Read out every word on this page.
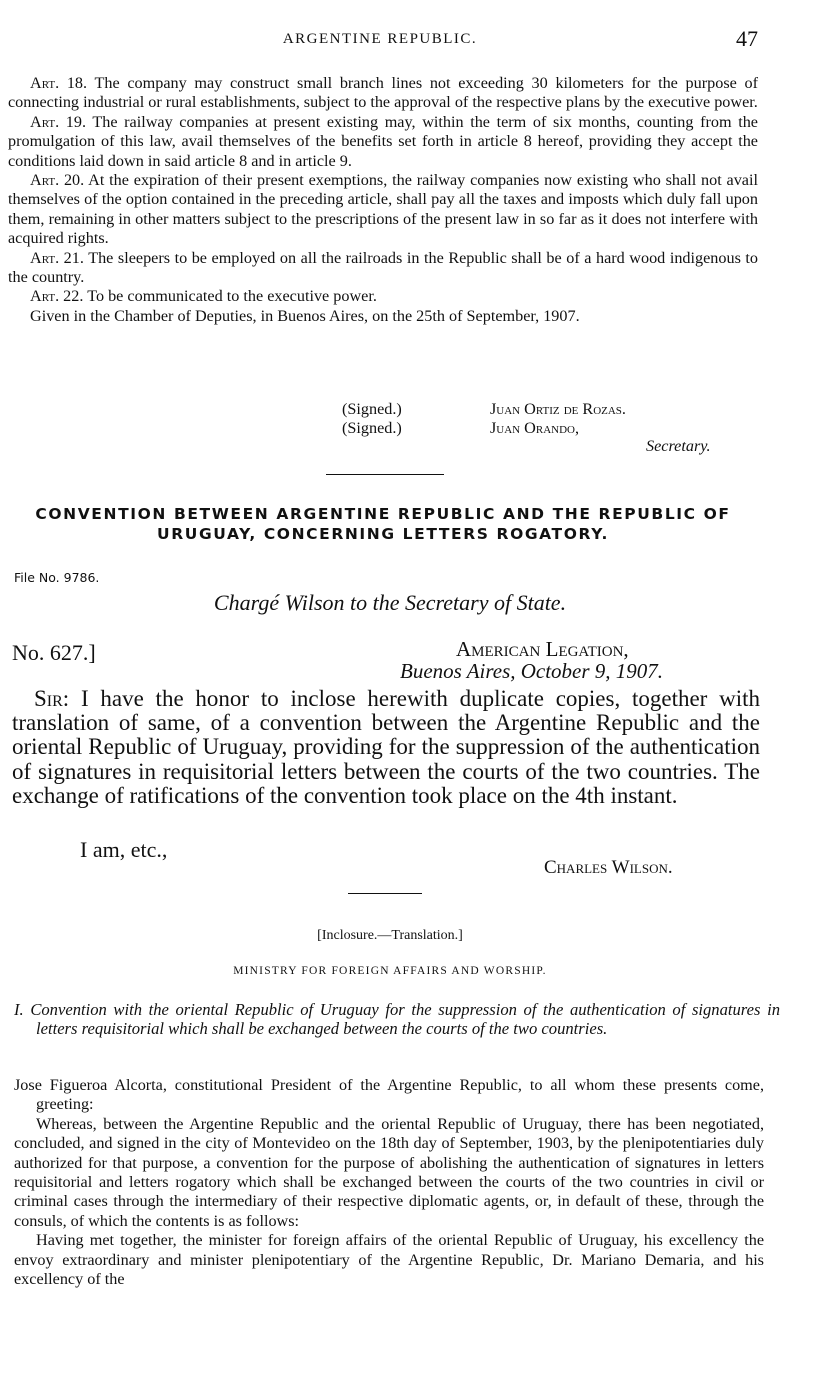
ARGENTINE REPUBLIC.	47

Art. 18. The company may construct small branch lines not exceeding 30 kilometers for the purpose of connecting industrial or rural establishments, subject to the approval of the respective plans by the executive power.

Art. 19. The railway companies at present existing may, within the term of six months, counting from the promulgation of this law, avail themselves of the benefits set forth in article 8 hereof, providing they accept the conditions laid down in said article 8 and in article 9.

Art. 20. At the expiration of their present exemptions, the railway companies now existing who shall not avail themselves of the option contained in the preceding article, shall pay all the taxes and imposts which duly fall upon them, remaining in other matters subject to the prescriptions of the present law in so far as it does not interfere with acquired rights.

Art. 21. The sleepers to be employed on all the railroads in the Republic shall be of a hard wood indigenous to the country.

Art. 22. To be communicated to the executive power.

Given in the Chamber of Deputies, in Buenos Aires, on the 25th of September, 1907.

(Signed.)	Juan Ortiz de Rozas.
(Signed.)	Juan Orando,
Secretary.
CONVENTION BETWEEN ARGENTINE REPUBLIC AND THE REPUBLIC OF URUGUAY, CONCERNING LETTERS ROGATORY.
File No. 9786.
Chargé Wilson to the Secretary of State.
No. 627.]	American Legation,
Buenos Aires, October 9, 1907.

Sir: I have the honor to inclose herewith duplicate copies, together with translation of same, of a convention between the Argentine Republic and the oriental Republic of Uruguay, providing for the suppression of the authentication of signatures in requisitorial letters between the courts of the two countries. The exchange of ratifications of the convention took place on the 4th instant.

I am, etc.,
Charles Wilson.
[Inclosure.—Translation.]
MINISTRY FOR FOREIGN AFFAIRS AND WORSHIP.
I. Convention with the oriental Republic of Uruguay for the suppression of the authentication of signatures in letters requisitorial which shall be exchanged between the courts of the two countries.

Jose Figueroa Alcorta, constitutional President of the Argentine Republic, to all whom these presents come, greeting:

Whereas, between the Argentine Republic and the oriental Republic of Uruguay, there has been negotiated, concluded, and signed in the city of Montevideo on the 18th day of September, 1903, by the plenipotentiaries duly authorized for that purpose, a convention for the purpose of abolishing the authentication of signatures in letters requisitorial and letters rogatory which shall be exchanged between the courts of the two countries in civil or criminal cases through the intermediary of their respective diplomatic agents, or, in default of these, through the consuls, of which the contents is as follows:

Having met together, the minister for foreign affairs of the oriental Republic of Uruguay, his excellency the envoy extraordinary and minister plenipotentiary of the Argentine Republic, Dr. Mariano Demaria, and his excellency of the
